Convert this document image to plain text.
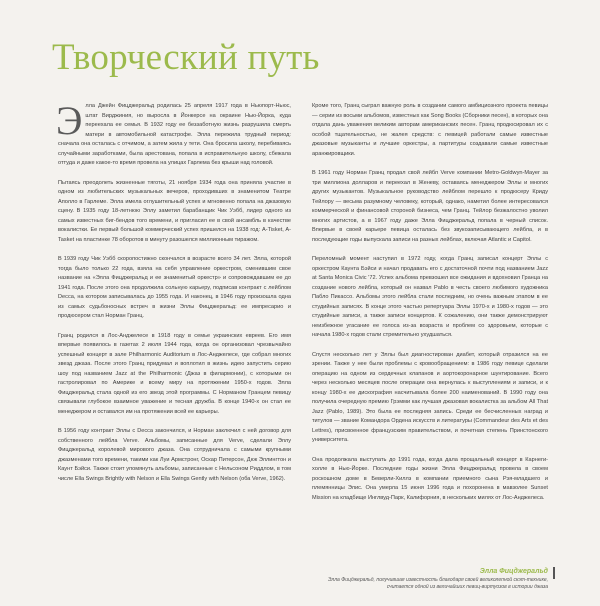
Творческий путь

Элла Джейн Фицджеральд родилась 25 апреля 1917 года в Ньюпорт-Ньюс, штат Вирджиния, но выросла в Йонкерсе на окраине Нью-Йорка, куда переехала ее семья. В 1932 году ее беззаботную жизнь разрушила смерть матери в автомобильной катастрофе. Элла пережила трудный период: сначала она осталась с отчимом, а затем жила у тети. Она бросила школу, перебиваясь случайными заработками, была арестована, попала в исправительную школу, сбежала оттуда и даже какое-то время провела на улицах Гарлема без крыши над головой.

Пытаясь преодолеть жизненные тяготы, 21 ноября 1934 года она приняла участие в одном из любительских музыкальных вечеров, проходивших в знаменитом Театре Аполло в Гарлеме. Элла имела оглушительный успех и мгновенно попала на джазовую сцену. В 1935 году 18-летнюю Эллу заметил барабанщик Чик Уэбб, лидер одного из самых известных биг-бендов того времени, и пригласил ее в свой ансамбль в качестве вокалистки. Ее первый большой коммерческий успех пришелся на 1938 год: A-Tisket, A-Tasket на пластинке 78 оборотов в минуту разошелся миллионным тиражом.

В 1939 году Чик Уэбб скоропостижно скончался в возрасте всего 34 лет. Элла, которой тогда было только 22 года, взяла на себя управление оркестром, сменившим свое название на «Элла Фицджеральд и ее знаменитый оркестр» и сопровождавшим ее до 1941 года. После этого она продолжила сольную карьеру, подписав контракт с лейблом Decca, на котором записывалась до 1955 года. И наконец, в 1946 году произошла одна из самых судьбоносных встреч в жизни Эллы Фицджеральд: ее импресарио и продюсером стал Норман Гранц.

Гранц родился в Лос-Анджелесе в 1918 году в семье украинских евреев. Его имя впервые появилось в газетах 2 июля 1944 года, когда он организовал чрезвычайно успешный концерт в зале Philharmonic Auditorium в Лос-Анджелесе, где собрал многих звезд джаза. После этого Гранц придумал и воплотил в жизнь идею запустить серию шоу под названием Jazz at the Philharmonic (Джаз в филармонии), с которыми он гастролировал по Америке и всему миру на протяжении 1950-х годов. Элла Фицджеральд стала одной из его звезд этой программы. С Норманом Гранцем певицу связывали глубокое взаимное уважение и тесная дружба. В конце 1940-х он стал ее менеджером и оставался им на протяжении всей ее карьеры.

В 1956 году контракт Эллы с Decca закончился, и Норман заключил с ней договор для собственного лейбла Verve. Альбомы, записанные для Verve, сделали Эллу Фицджеральд королевой мирового джаза. Она сотрудничала с самыми крупными джазменами того времени, такими как Луи Армстронг, Оскар Питерсон, Дюк Эллингтон и Каунт Бэйси. Также стоит упомянуть альбомы, записанные с Нельсоном Риддлом, в том числе Ella Swings Brightly with Nelson и Ella Swings Gently with Nelson (оба Verve, 1962).

Кроме того, Гранц сыграл важную роль в создании самого амбициозного проекта певицы — серии из восьми альбомов, известных как Song Books (Сборники песен), в которых она отдала дань уважения великим авторам американских песен. Гранц продюсировал их с особой тщательностью, не жалея средств: с певицей работали самые известные джазовые музыканты и лучшие оркестры, а партитуры создавали самые известные аранжировщики.

В 1961 году Норман Гранц продал свой лейбл Verve компании Metro-Goldwyn-Mayer за три миллиона долларов и переехал в Женеву, оставаясь менеджером Эллы и многих других музыкантов. Музыкальное руководство лейблом перешло к продюсеру Криду Тейлору — весьма разумному человеку, который, однако, наметил более интересовался коммерческой и финансовой стороной бизнеса, чем Гранц. Тейлор безжалостно уволил многих артистов, а в 1967 году даже Элла Фицджеральд попала в черный список. Впервые в своей карьере певица осталась без звукозаписывающего лейбла, и в последующие годы выпускала записи на разных лейблах, включая Atlantic и Capitol.

Переломный момент наступил в 1972 году, когда Гранц записал концерт Эллы с оркестром Каунта Бэйси и начал продавать его с достаточной почти под названием Jazz at Santa Monica Civic '72. Успех альбома превзошел все ожидания и вдохновил Гранца на создание нового лейбла, который он назвал Pablo в честь своего любимого художника Пабло Пикассо. Альбомы этого лейбла стали последним, но очень важным этапом в ее студийных записях. В конце этого частью репертуара Эллы 1970-х и 1980-х годов — это студийные записи, а также записи концертов. К сожалению, они также демонстрируют неизбежное угасание ее голоса из-за возраста и проблем со здоровьем, которые с начала 1980-х годов стали стремительно ухудшаться.

Спустя несколько лет у Эллы был диагностирован диабет, который отразился на ее зрении. Также у нее были проблемы с кровообращением: в 1986 году певице сделали операцию на одном из сердечных клапанов и аортокоронарное шунтирование. Всего через несколько месяцев после операции она вернулась к выступлениям и записи, и к концу 1980-х ее дискография насчитывала более 200 наименований. В 1990 году она получила очередную премию Грэмми как лучшая джазовая вокалистка за альбом All That Jazz (Pablo, 1989). Это была ее последняя запись. Среди ее бесчисленных наград и титулов — звание Командора Ордена искусств и литературы (Commandeur des Arts et des Lettres), присвоенное французским правительством, и почетная степень Принстонского университета.

Она продолжала выступать до 1991 года, когда дала прощальный концерт в Карнеги-холле в Нью-Йорке. Последние годы жизни Элла Фицджеральд провела в своем роскошном доме в Беверли-Хиллз в компании приемного сына Рэя-младшего и племянницы Элис. Она умерла 15 июня 1996 года и похоронена в мавзолее Sunset Mission на кладбище Инглвуд-Парк, Калифорния, в нескольких милях от Лос-Анджелеса.

Элла Фицджеральд

Элла Фицджеральд, получившая известность благодаря своей великолепной скэт-технике, считается одной из величайших певиц-виртуозов в истории джаза
